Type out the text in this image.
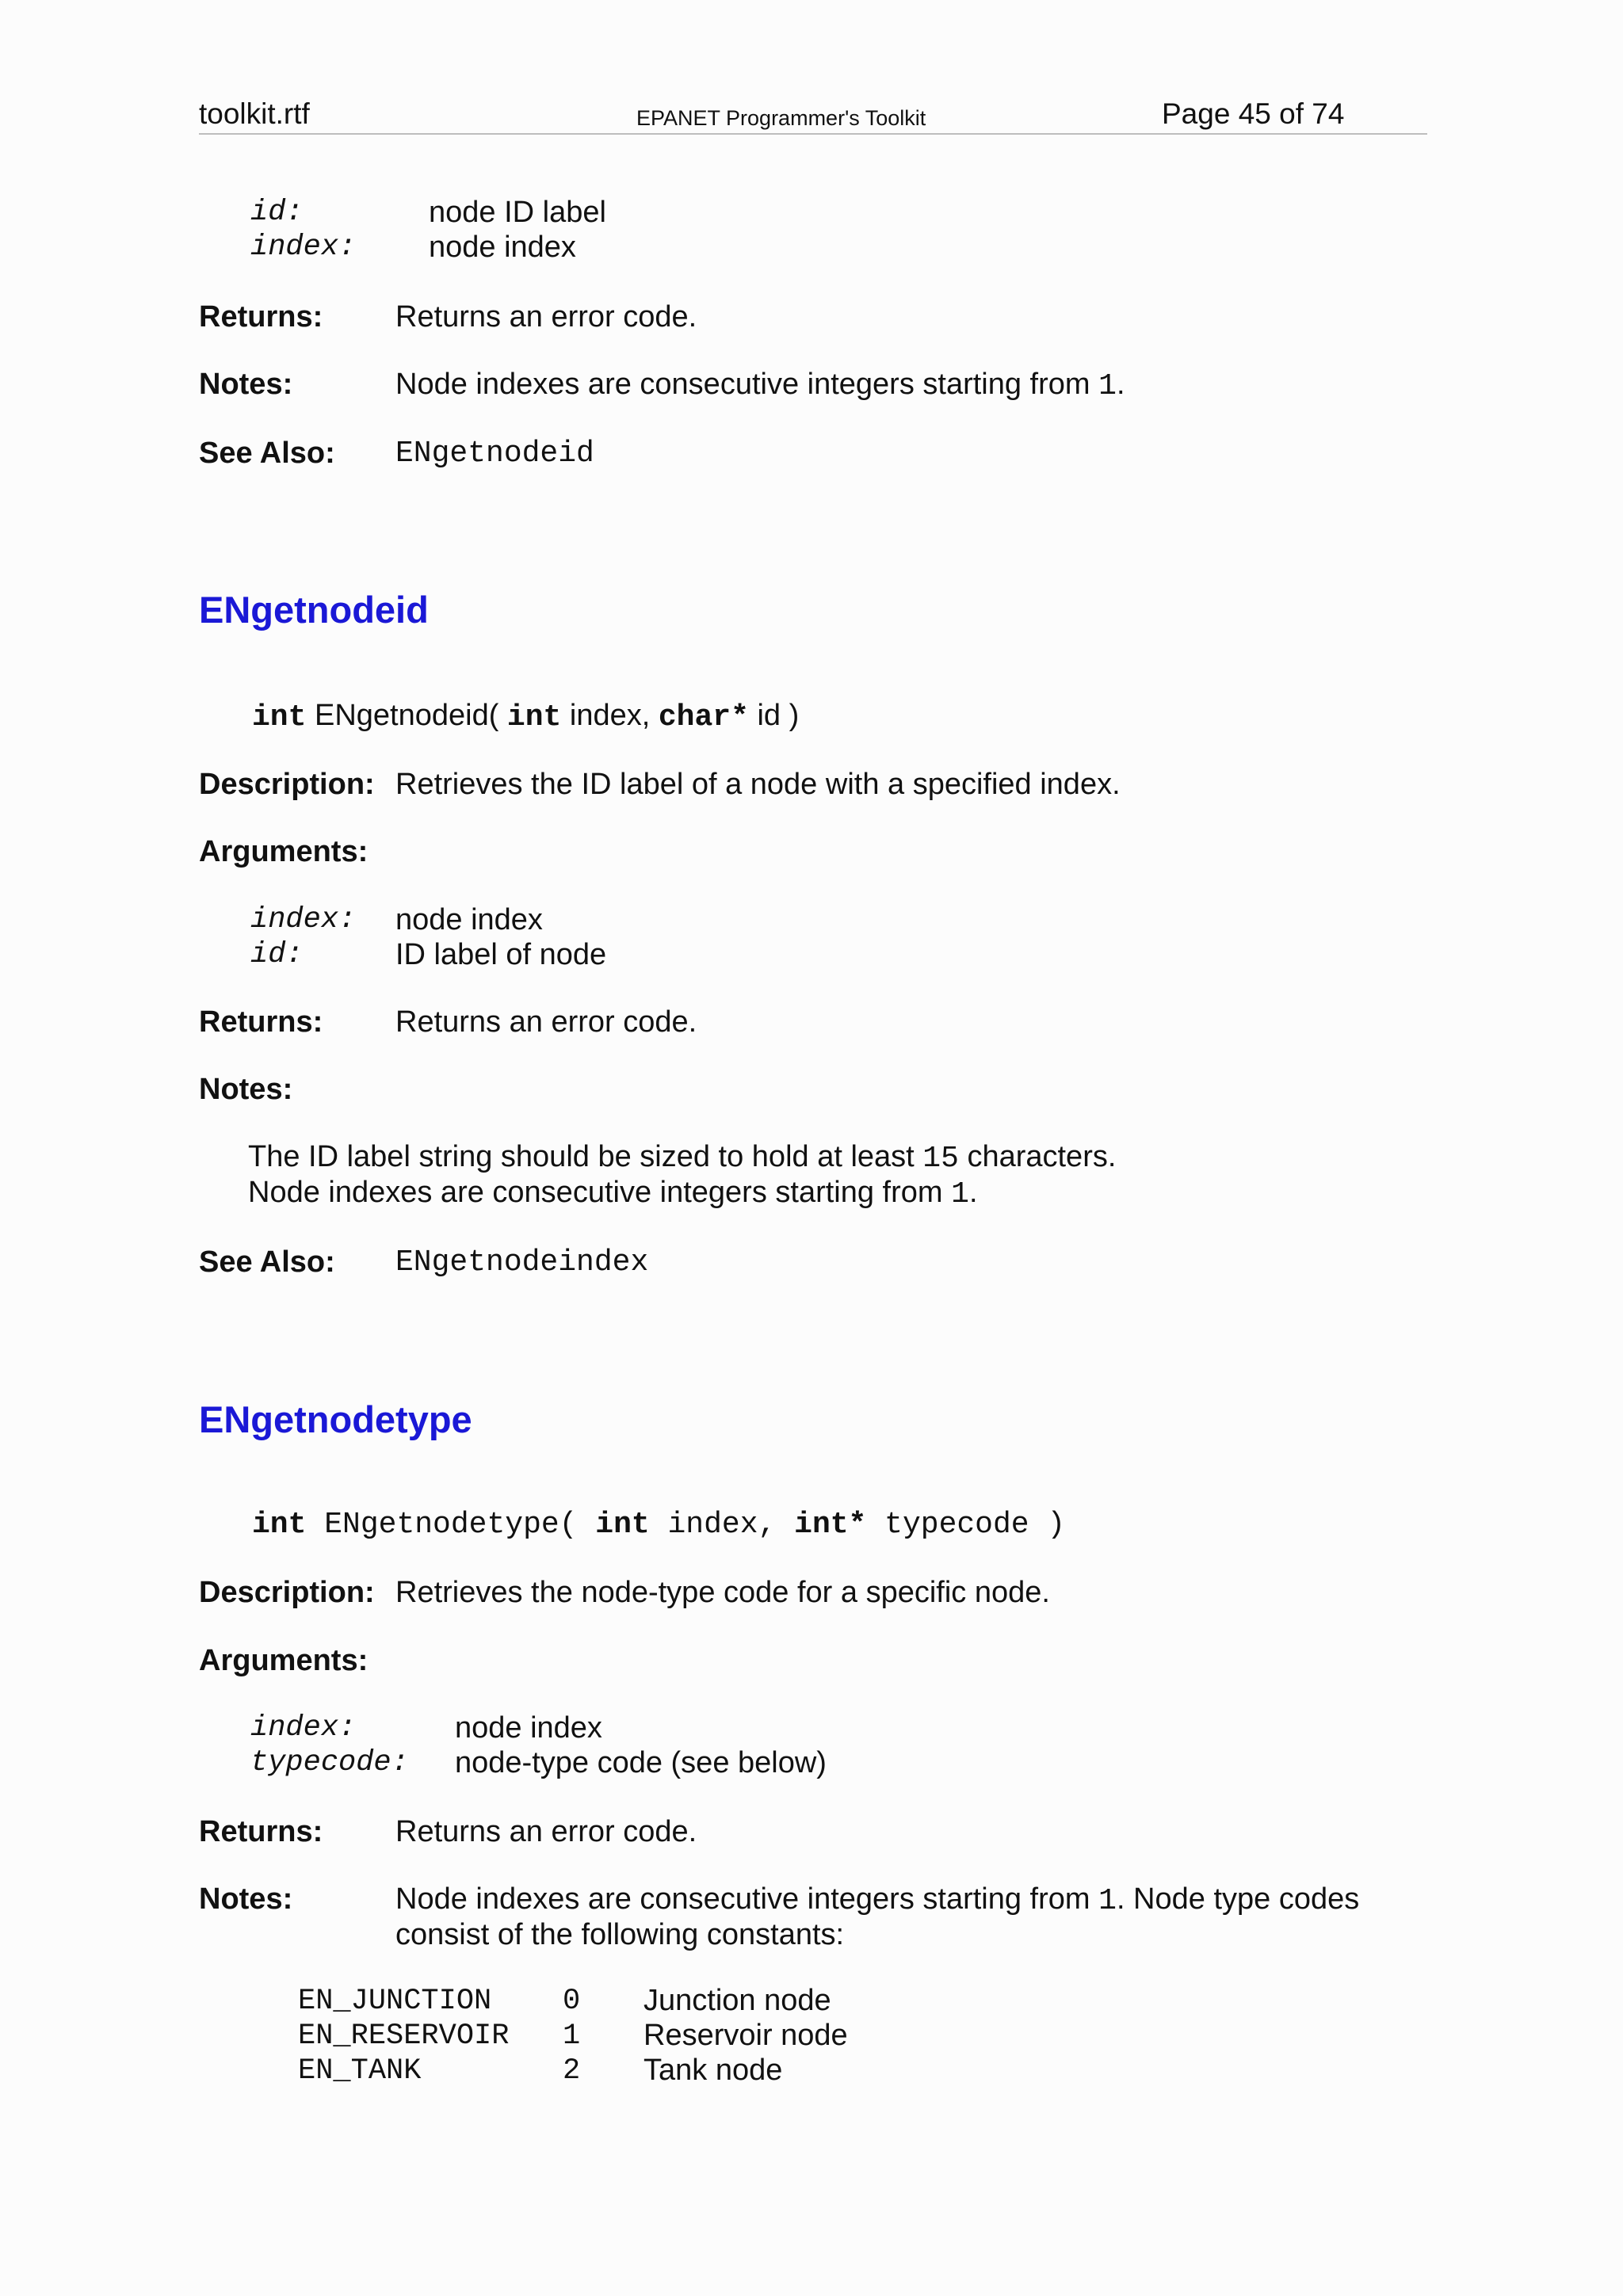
toolkit.rtf	EPANET Programmer's Toolkit	Page 45 of 74
id:	node ID label
index: node index
Returns: Returns an error code.
Notes:	Node indexes are consecutive integers starting from 1.
See Also: ENgetnodeid
ENgetnodeid
int ENgetnodeid( int index, char* id )
Description: Retrieves the ID label of a node with a specified index.
Arguments:
index: node index
id:	ID label of node
Returns: Returns an error code.
Notes:
The ID label string should be sized to hold at least 15 characters.
Node indexes are consecutive integers starting from 1.
See Also: ENgetnodeindex
ENgetnodetype
int ENgetnodetype( int index, int* typecode )
Description: Retrieves the node-type code for a specific node.
Arguments:
index:	node index
typecode: node-type code (see below)
Returns: Returns an error code.
Notes:	Node indexes are consecutive integers starting from 1. Node type codes
consist of the following constants:
EN_JUNCTION 0 Junction node
EN_RESERVOIR 1 Reservoir node
EN_TANK	2 Tank node
